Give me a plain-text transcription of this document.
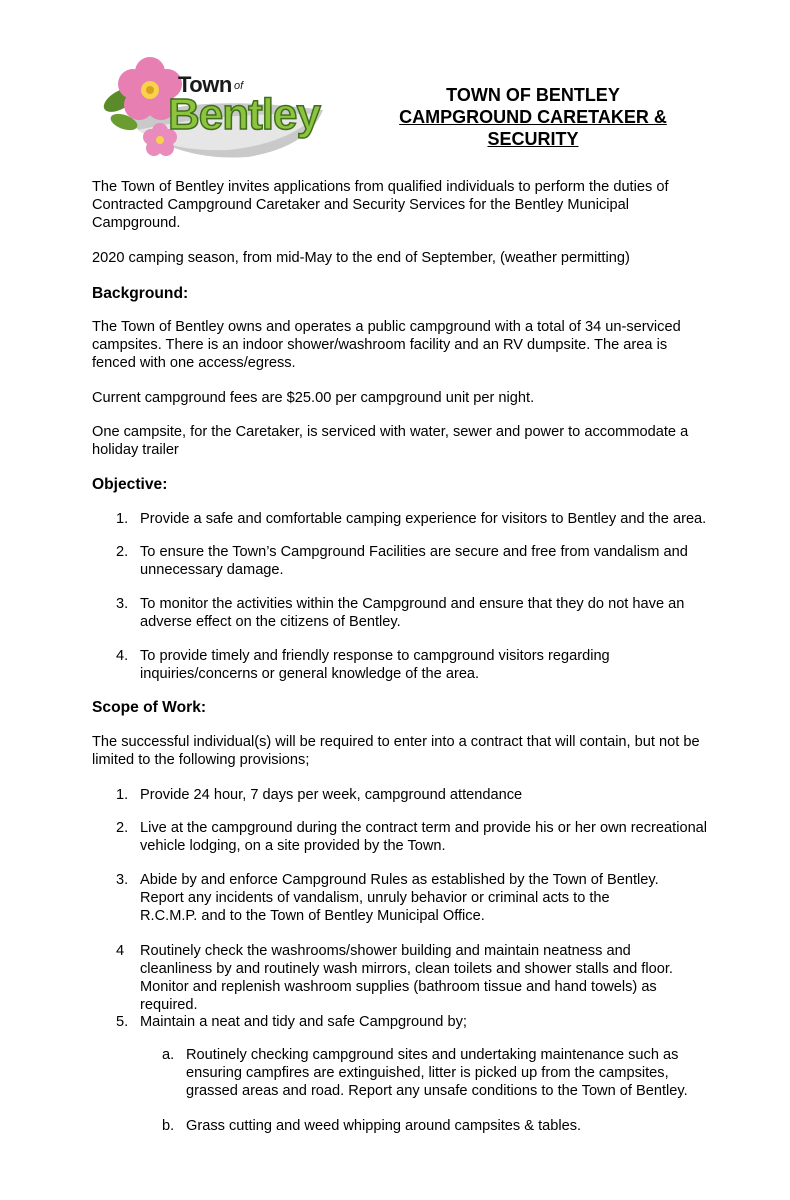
Town of
Bentley	TOWN OF BENTLEY
CAMPGROUND CARETAKER &
SECURITY

The Town of Bentley invites applications from qualified individuals to perform the duties of Contracted Campground Caretaker and Security Services for the Bentley Municipal Campground.

2020 camping season, from mid-May to the end of September, (weather permitting)

Background:

The Town of Bentley owns and operates a public campground with a total of 34 un-serviced campsites. There is an indoor shower/washroom facility and an RV dumpsite. The area is fenced with one access/egress.

Current campground fees are $25.00 per campground unit per night.

One campsite, for the Caretaker, is serviced with water, sewer and power to accommodate a holiday trailer

Objective:
1. Provide a safe and comfortable camping experience for visitors to Bentley and the area.
2. To ensure the Town’s Campground Facilities are secure and free from vandalism and unnecessary damage.
3. To monitor the activities within the Campground and ensure that they do not have an adverse effect on the citizens of Bentley.
4. To provide timely and friendly response to campground visitors regarding inquiries/concerns or general knowledge of the area.
Scope of Work:

The successful individual(s) will be required to enter into a contract that will contain, but not be limited to the following provisions;

1. Provide 24 hour, 7 days per week, campground attendance
2. Live at the campground during the contract term and provide his or her own recreational vehicle lodging, on a site provided by the Town.
3. Abide by and enforce Campground Rules as established by the Town of Bentley. Report any incidents of vandalism, unruly behavior or criminal acts to the R.C.M.P. and to the Town of Bentley Municipal Office.
4 Routinely check the washrooms/shower building and maintain neatness and cleanliness by and routinely wash mirrors, clean toilets and shower stalls and floor. Monitor and replenish washroom supplies (bathroom tissue and hand towels) as required.
5. Maintain a neat and tidy and safe Campground by;
a. Routinely checking campground sites and undertaking maintenance such as ensuring campfires are extinguished, litter is picked up from the campsites, grassed areas and road. Report any unsafe conditions to the Town of Bentley.
b. Grass cutting and weed whipping around campsites & tables.
